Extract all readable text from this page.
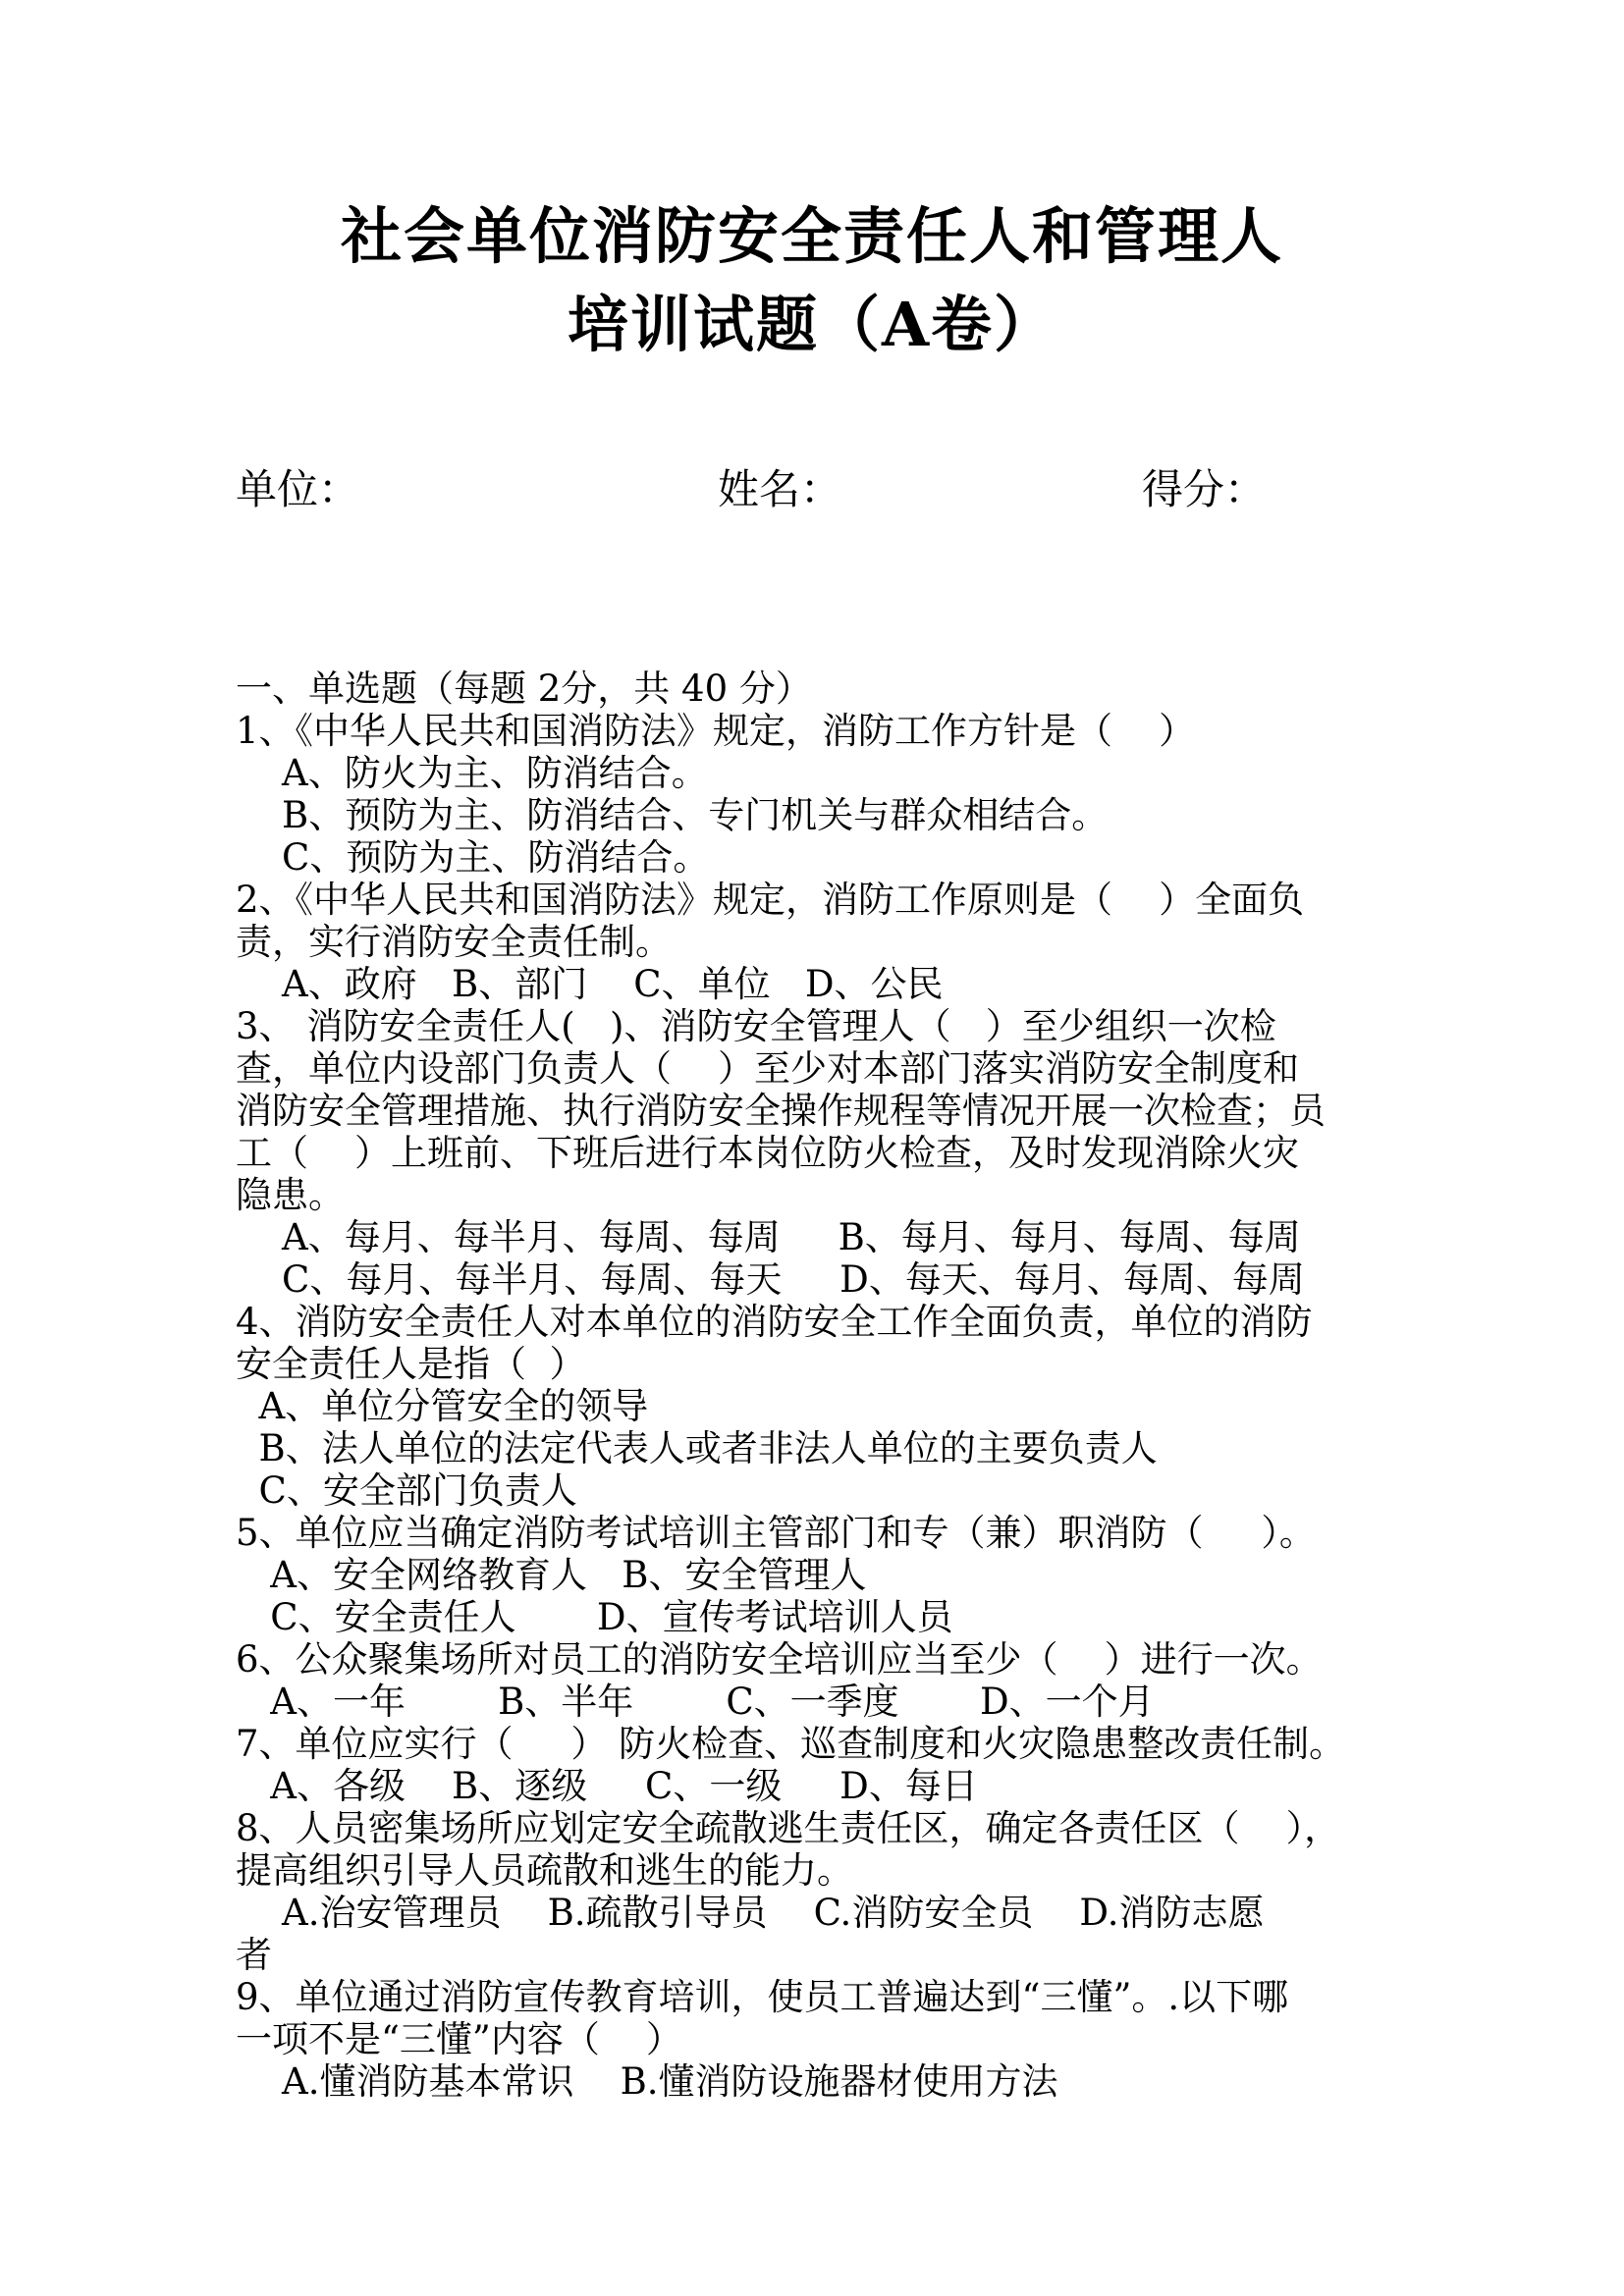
社会单位消防安全责任人和管理人
培训试题（A卷）
单位：	姓名：	得分：
一、单选题（每题 2分，共 40 分）
1、《中华人民共和国消防法》规定，消防工作方针是（    ）
A、防火为主、防消结合。
B、预防为主、防消结合、专门机关与群众相结合。
C、预防为主、防消结合。
2、《中华人民共和国消防法》规定，消防工作原则是（    ）全面负
责，实行消防安全责任制。
A、政府   B、部门    C、单位   D、公民
3、 消防安全责任人(   )、消防安全管理人（   ）至少组织一次检
查，单位内设部门负责人（    ）至少对本部门落实消防安全制度和
消防安全管理措施、执行消防安全操作规程等情况开展一次检查；员
工（    ）上班前、下班后进行本岗位防火检查，及时发现消除火灾
隐患。
A、每月、每半月、每周、每周     B、每月、每月、每周、每周
C、每月、每半月、每周、每天     D、每天、每月、每周、每周
4、消防安全责任人对本单位的消防安全工作全面负责，单位的消防
安全责任人是指（  ）
A、单位分管安全的领导
B、法人单位的法定代表人或者非法人单位的主要负责人
C、安全部门负责人
5、单位应当确定消防考试培训主管部门和专（兼）职消防（     ）。
A、安全网络教育人   B、安全管理人
C、安全责任人       D、宣传考试培训人员
6、公众聚集场所对员工的消防安全培训应当至少（    ）进行一次。
A、一年        B、半年        C、一季度       D、一个月
7、单位应实行（     ） 防火检查、巡查制度和火灾隐患整改责任制。
A、各级    B、逐级     C、一级     D、每日
8、人员密集场所应划定安全疏散逃生责任区，确定各责任区（    ），
提高组织引导人员疏散和逃生的能力。
A.治安管理员    B.疏散引导员    C.消防安全员    D.消防志愿
者
9、单位通过消防宣传教育培训，使员工普遍达到“三懂”。.以下哪
一项不是“三懂”内容（    ）
A.懂消防基本常识    B.懂消防设施器材使用方法
